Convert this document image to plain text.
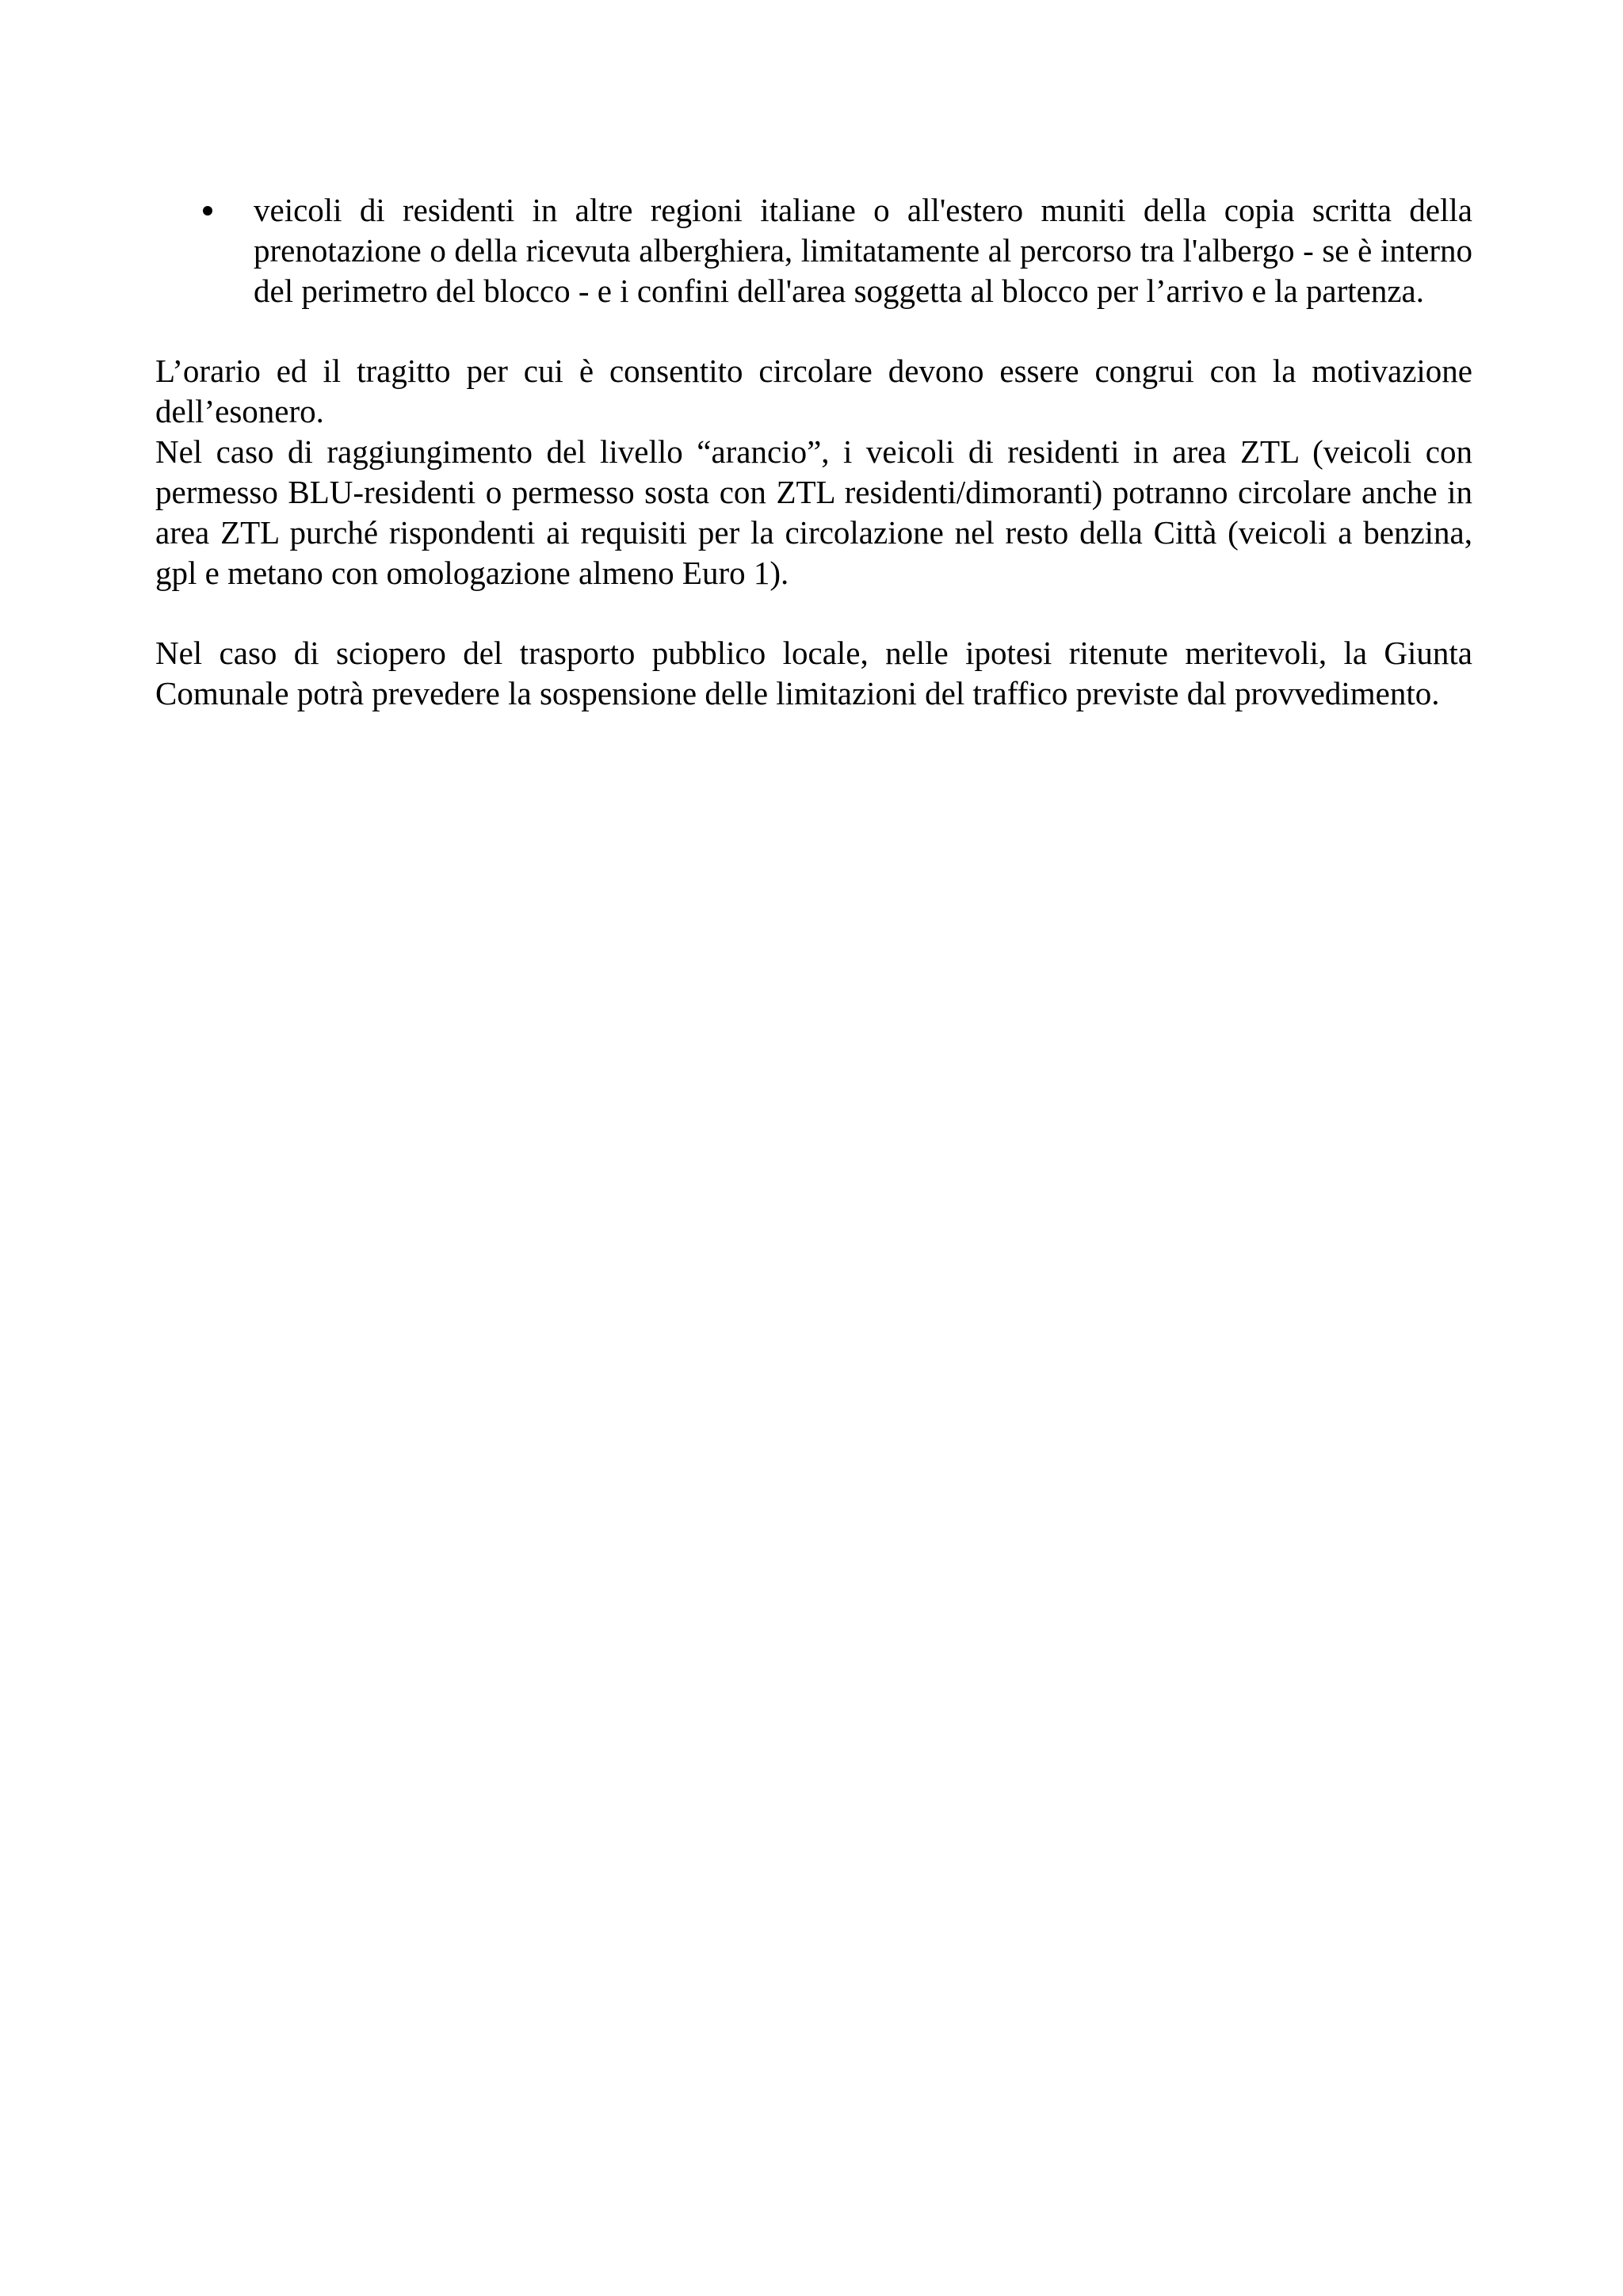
veicoli di residenti in altre regioni italiane o all'estero muniti della copia scritta della prenotazione o della ricevuta alberghiera, limitatamente al percorso tra l'albergo - se è interno del perimetro del blocco - e i confini dell'area soggetta al blocco per l’arrivo e la partenza.

L’orario ed il tragitto per cui è consentito circolare devono essere congrui con la motivazione dell’esonero.

Nel caso di raggiungimento del livello “arancio”, i veicoli di residenti in area ZTL (veicoli con permesso BLU-residenti o permesso sosta con ZTL residenti/dimoranti) potranno circolare anche in area ZTL purché rispondenti ai requisiti per la circolazione nel resto della Città (veicoli a benzina, gpl e metano con omologazione almeno Euro 1).

Nel caso di sciopero del trasporto pubblico locale, nelle ipotesi ritenute meritevoli, la Giunta Comunale potrà prevedere la sospensione delle limitazioni del traffico previste dal provvedimento.
